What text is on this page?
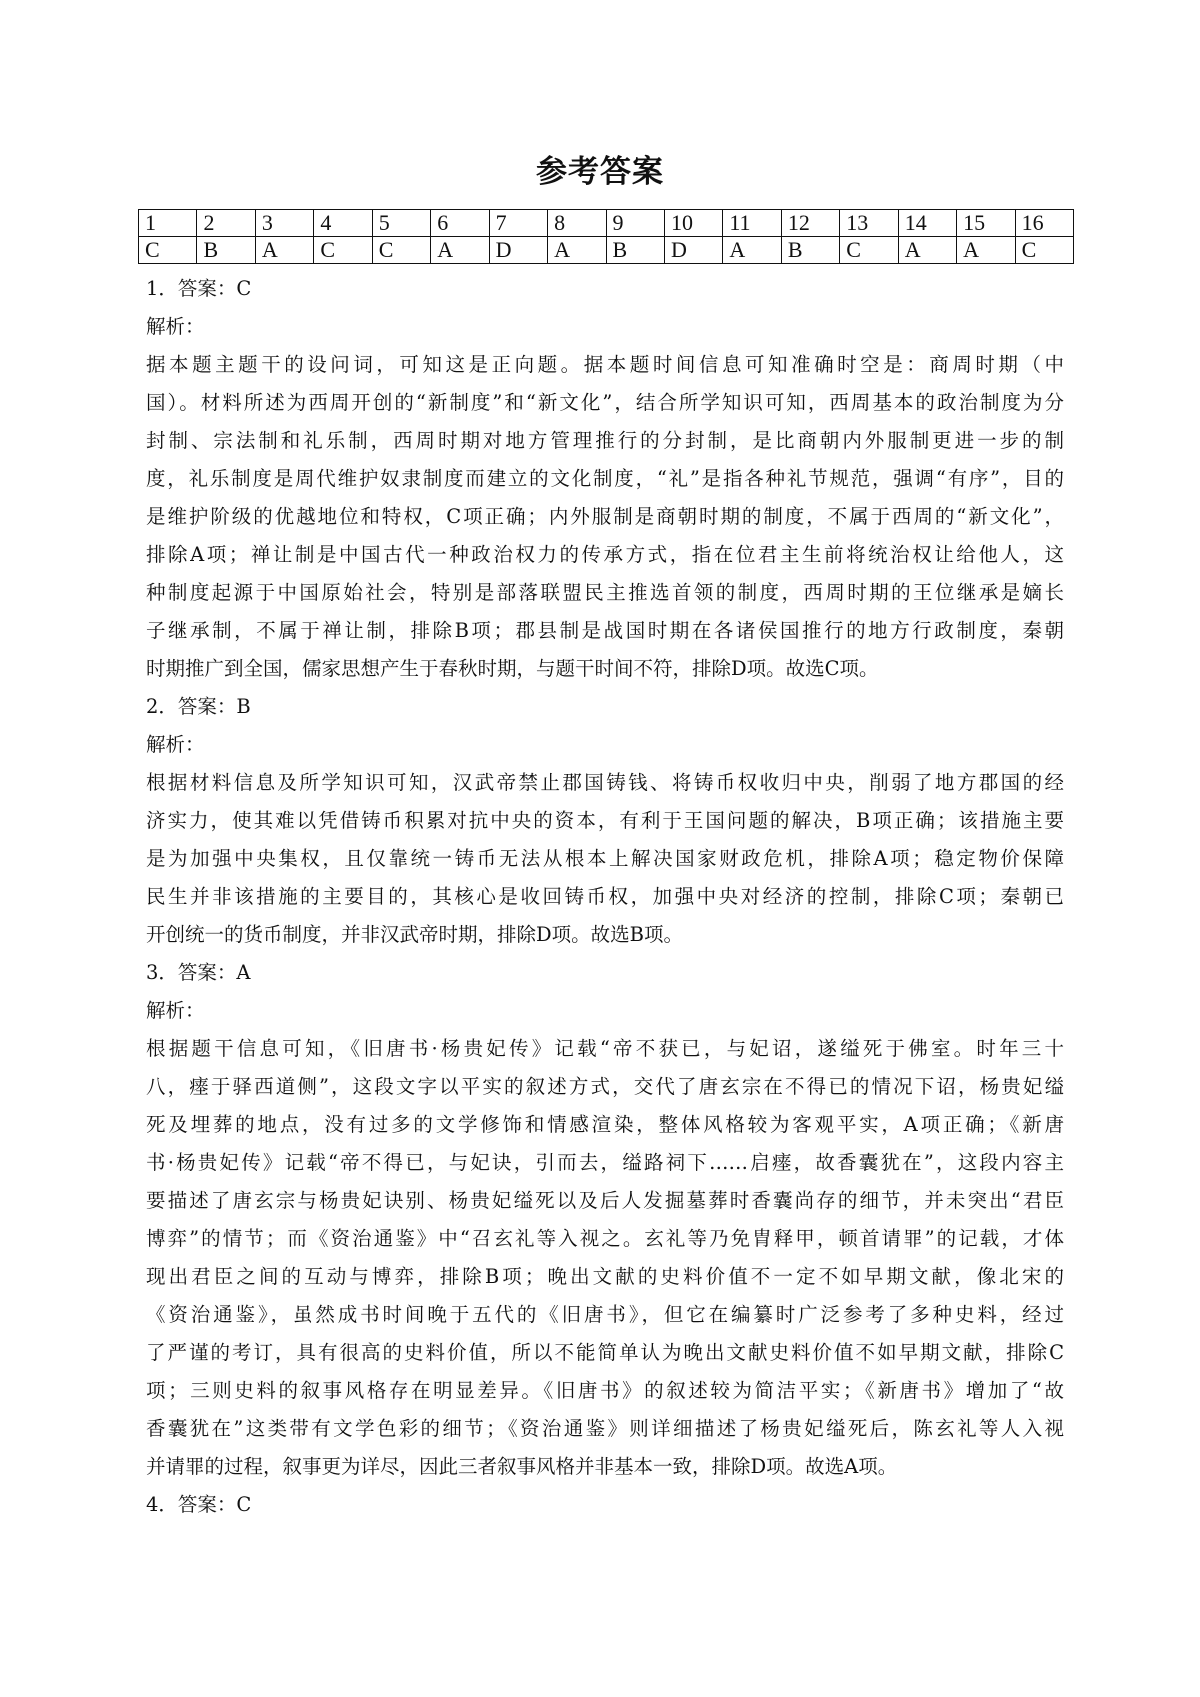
参考答案
1	2	3	4	5	6	7	8	9	10	11	12	13	14	15	16
C	B	A	C	C	A	D	A	B	D	A	B	C	A	A	C
1．答案：C
解析：
据本题主题干的设问词，可知这是正向题。据本题时间信息可知准确时空是：商周时期（中
国）。材料所述为西周开创的“新制度”和“新文化”，结合所学知识可知，西周基本的政治制度为分
封制、宗法制和礼乐制，西周时期对地方管理推行的分封制，是比商朝内外服制更进一步的制
度，礼乐制度是周代维护奴隶制度而建立的文化制度，“礼”是指各种礼节规范，强调“有序”，目的
是维护阶级的优越地位和特权，C项正确；内外服制是商朝时期的制度，不属于西周的“新文化”，
排除A项；禅让制是中国古代一种政治权力的传承方式，指在位君主生前将统治权让给他人，这
种制度起源于中国原始社会，特别是部落联盟民主推选首领的制度，西周时期的王位继承是嫡长
子继承制，不属于禅让制，排除B项；郡县制是战国时期在各诸侯国推行的地方行政制度，秦朝
时期推广到全国，儒家思想产生于春秋时期，与题干时间不符，排除D项。故选C项。
2．答案：B
解析：
根据材料信息及所学知识可知，汉武帝禁止郡国铸钱、将铸币权收归中央，削弱了地方郡国的经
济实力，使其难以凭借铸币积累对抗中央的资本，有利于王国问题的解决，B项正确；该措施主要
是为加强中央集权，且仅靠统一铸币无法从根本上解决国家财政危机，排除A项；稳定物价保障
民生并非该措施的主要目的，其核心是收回铸币权，加强中央对经济的控制，排除C项；秦朝已
开创统一的货币制度，并非汉武帝时期，排除D项。故选B项。
3．答案：A
解析：
根据题干信息可知，《旧唐书·杨贵妃传》记载“帝不获已，与妃诏，遂缢死于佛室。时年三十
八，瘗于驿西道侧”，这段文字以平实的叙述方式，交代了唐玄宗在不得已的情况下诏，杨贵妃缢
死及埋葬的地点，没有过多的文学修饰和情感渲染，整体风格较为客观平实，A项正确；《新唐
书·杨贵妃传》记载“帝不得已，与妃诀，引而去，缢路祠下……启瘗，故香囊犹在”，这段内容主
要描述了唐玄宗与杨贵妃诀别、杨贵妃缢死以及后人发掘墓葬时香囊尚存的细节，并未突出“君臣
博弈”的情节；而《资治通鉴》中“召玄礼等入视之。玄礼等乃免胄释甲，顿首请罪”的记载，才体
现出君臣之间的互动与博弈，排除B项；晚出文献的史料价值不一定不如早期文献，像北宋的
《资治通鉴》，虽然成书时间晚于五代的《旧唐书》，但它在编纂时广泛参考了多种史料，经过
了严谨的考订，具有很高的史料价值，所以不能简单认为晚出文献史料价值不如早期文献，排除C
项；三则史料的叙事风格存在明显差异。《旧唐书》的叙述较为简洁平实；《新唐书》增加了“故
香囊犹在”这类带有文学色彩的细节；《资治通鉴》则详细描述了杨贵妃缢死后，陈玄礼等人入视
并请罪的过程，叙事更为详尽，因此三者叙事风格并非基本一致，排除D项。故选A项。
4．答案：C
